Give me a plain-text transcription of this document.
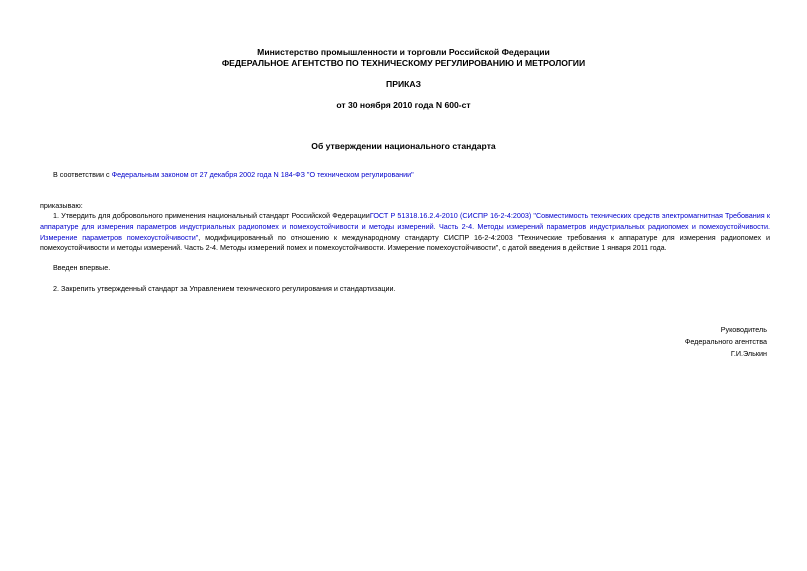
Министерство промышленности и торговли Российской Федерации
ФЕДЕРАЛЬНОЕ АГЕНТСТВО ПО ТЕХНИЧЕСКОМУ РЕГУЛИРОВАНИЮ И МЕТРОЛОГИИ
ПРИКАЗ
от 30 ноября 2010 года N 600-ст
Об утверждении национального стандарта
В соответствии с Федеральным законом от 27 декабря 2002 года N 184-ФЗ "О техническом регулировании"
приказываю:
1. Утвердить для добровольного применения национальный стандарт Российской ФедерацииГОСТ Р 51318.16.2.4-2010 (СИСПР 16-2-4:2003) "Совместимость технических средств электромагнитная Требования к аппаратуре для измерения параметров индустриальных радиопомех и помехоустойчивости и методы измерений. Часть 2-4. Методы измерений параметров индустриальных радиопомех и помехоустойчивости. Измерение параметров помехоустойчивости", модифицированный по отношению к международному стандарту СИСПР 16-2-4:2003 "Технические требования к аппаратуре для измерения радиопомех и помехоустойчивости и методы измерений. Часть 2-4. Методы измерений помех и помехоустойчивости. Измерение помехоустойчивости", с датой введения в действие 1 января 2011 года.
Введен впервые.
2. Закрепить утвержденный стандарт за Управлением технического регулирования и стандартизации.
Руководитель
Федерального агентства
Г.И.Элькин
